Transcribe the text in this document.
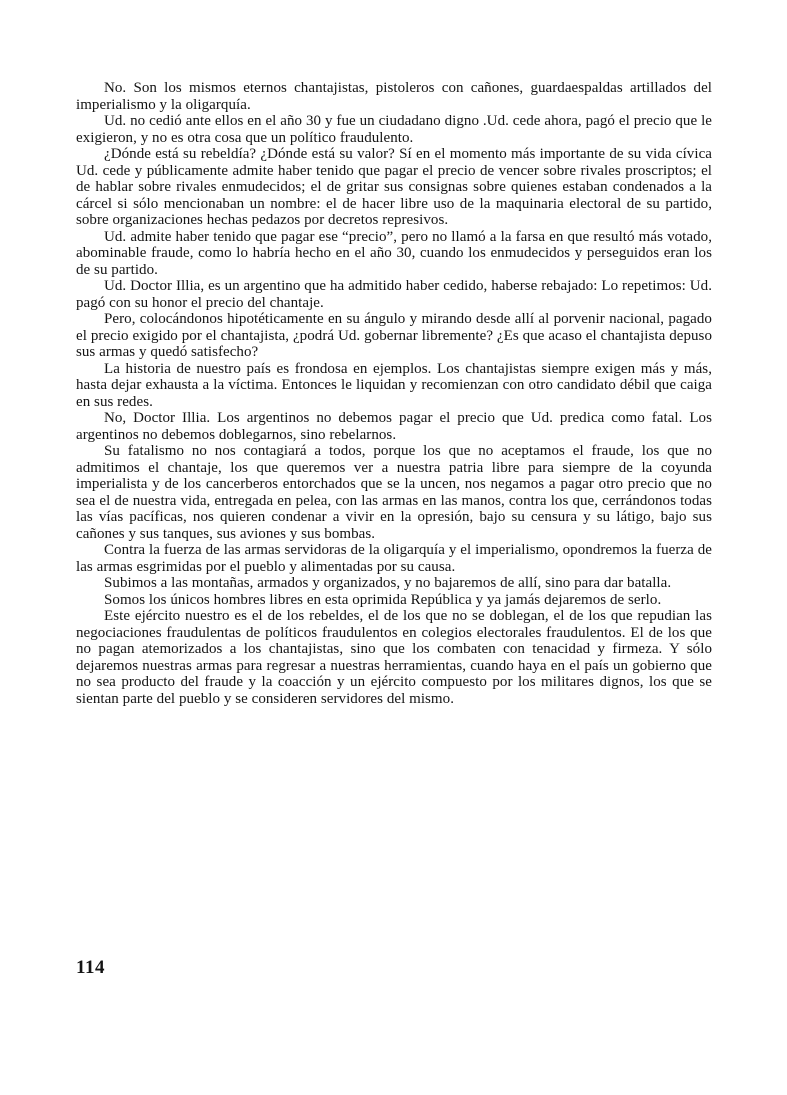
No. Son los mismos eternos chantajistas, pistoleros con cañones, guardaespaldas artillados del imperialismo y la oligarquía.

Ud. no cedió ante ellos en el año 30 y fue un ciudadano digno .Ud. cede ahora, pagó el precio que le exigieron, y no es otra cosa que un político fraudulento.

¿Dónde está su rebeldía? ¿Dónde está su valor? Sí en el momento más importante de su vida cívica Ud. cede y públicamente admite haber tenido que pagar el precio de vencer sobre rivales proscriptos; el de hablar sobre rivales enmudecidos; el de gritar sus consignas sobre quienes estaban condenados a la cárcel si sólo mencionaban un nombre: el de hacer libre uso de la maquinaria electoral de su partido, sobre organizaciones hechas pedazos por decretos represivos.

Ud. admite haber tenido que pagar ese “precio”, pero no llamó a la farsa en que resultó más votado, abominable fraude, como lo habría hecho en el año 30, cuando los enmudecidos y perseguidos eran los de su partido.

Ud. Doctor Illia, es un argentino que ha admitido haber cedido, haberse rebajado: Lo repetimos: Ud. pagó con su honor el precio del chantaje.

Pero, colocándonos hipotéticamente en su ángulo y mirando desde allí al porvenir nacional, pagado el precio exigido por el chantajista, ¿podrá Ud. gobernar libremente? ¿Es que acaso el chantajista depuso sus armas y quedó satisfecho?

La historia de nuestro país es frondosa en ejemplos. Los chantajistas siempre exigen más y más, hasta dejar exhausta a la víctima. Entonces le liquidan y recomienzan con otro candidato débil que caiga en sus redes.

No, Doctor Illia. Los argentinos no debemos pagar el precio que Ud. predica como fatal. Los argentinos no debemos doblegarnos, sino rebelarnos.

Su fatalismo no nos contagiará a todos, porque los que no aceptamos el fraude, los que no admitimos el chantaje, los que queremos ver a nuestra patria libre para siempre de la coyunda imperialista y de los cancerberos entorchados que se la uncen, nos negamos a pagar otro precio que no sea el de nuestra vida, entregada en pelea, con las armas en las manos, contra los que, cerrándonos todas las vías pacíficas, nos quieren condenar a vivir en la opresión, bajo su censura y su látigo, bajo sus cañones y sus tanques, sus aviones y sus bombas.

Contra la fuerza de las armas servidoras de la oligarquía y el imperialismo, opondremos la fuerza de las armas esgrimidas por el pueblo y alimentadas por su causa.

Subimos a las montañas, armados y organizados, y no bajaremos de allí, sino para dar batalla.

Somos los únicos hombres libres en esta oprimida República y ya jamás dejaremos de serlo.

Este ejército nuestro es el de los rebeldes, el de los que no se doblegan, el de los que repudian las negociaciones fraudulentas de políticos fraudulentos en colegios electorales fraudulentos. El de los que no pagan atemorizados a los chantajistas, sino que los combaten con tenacidad y firmeza. Y sólo dejaremos nuestras armas para regresar a nuestras herramientas, cuando haya en el país un gobierno que no sea producto del fraude y la coacción y un ejército compuesto por los militares dignos, los que se sientan parte del pueblo y se consideren servidores del mismo.

114
